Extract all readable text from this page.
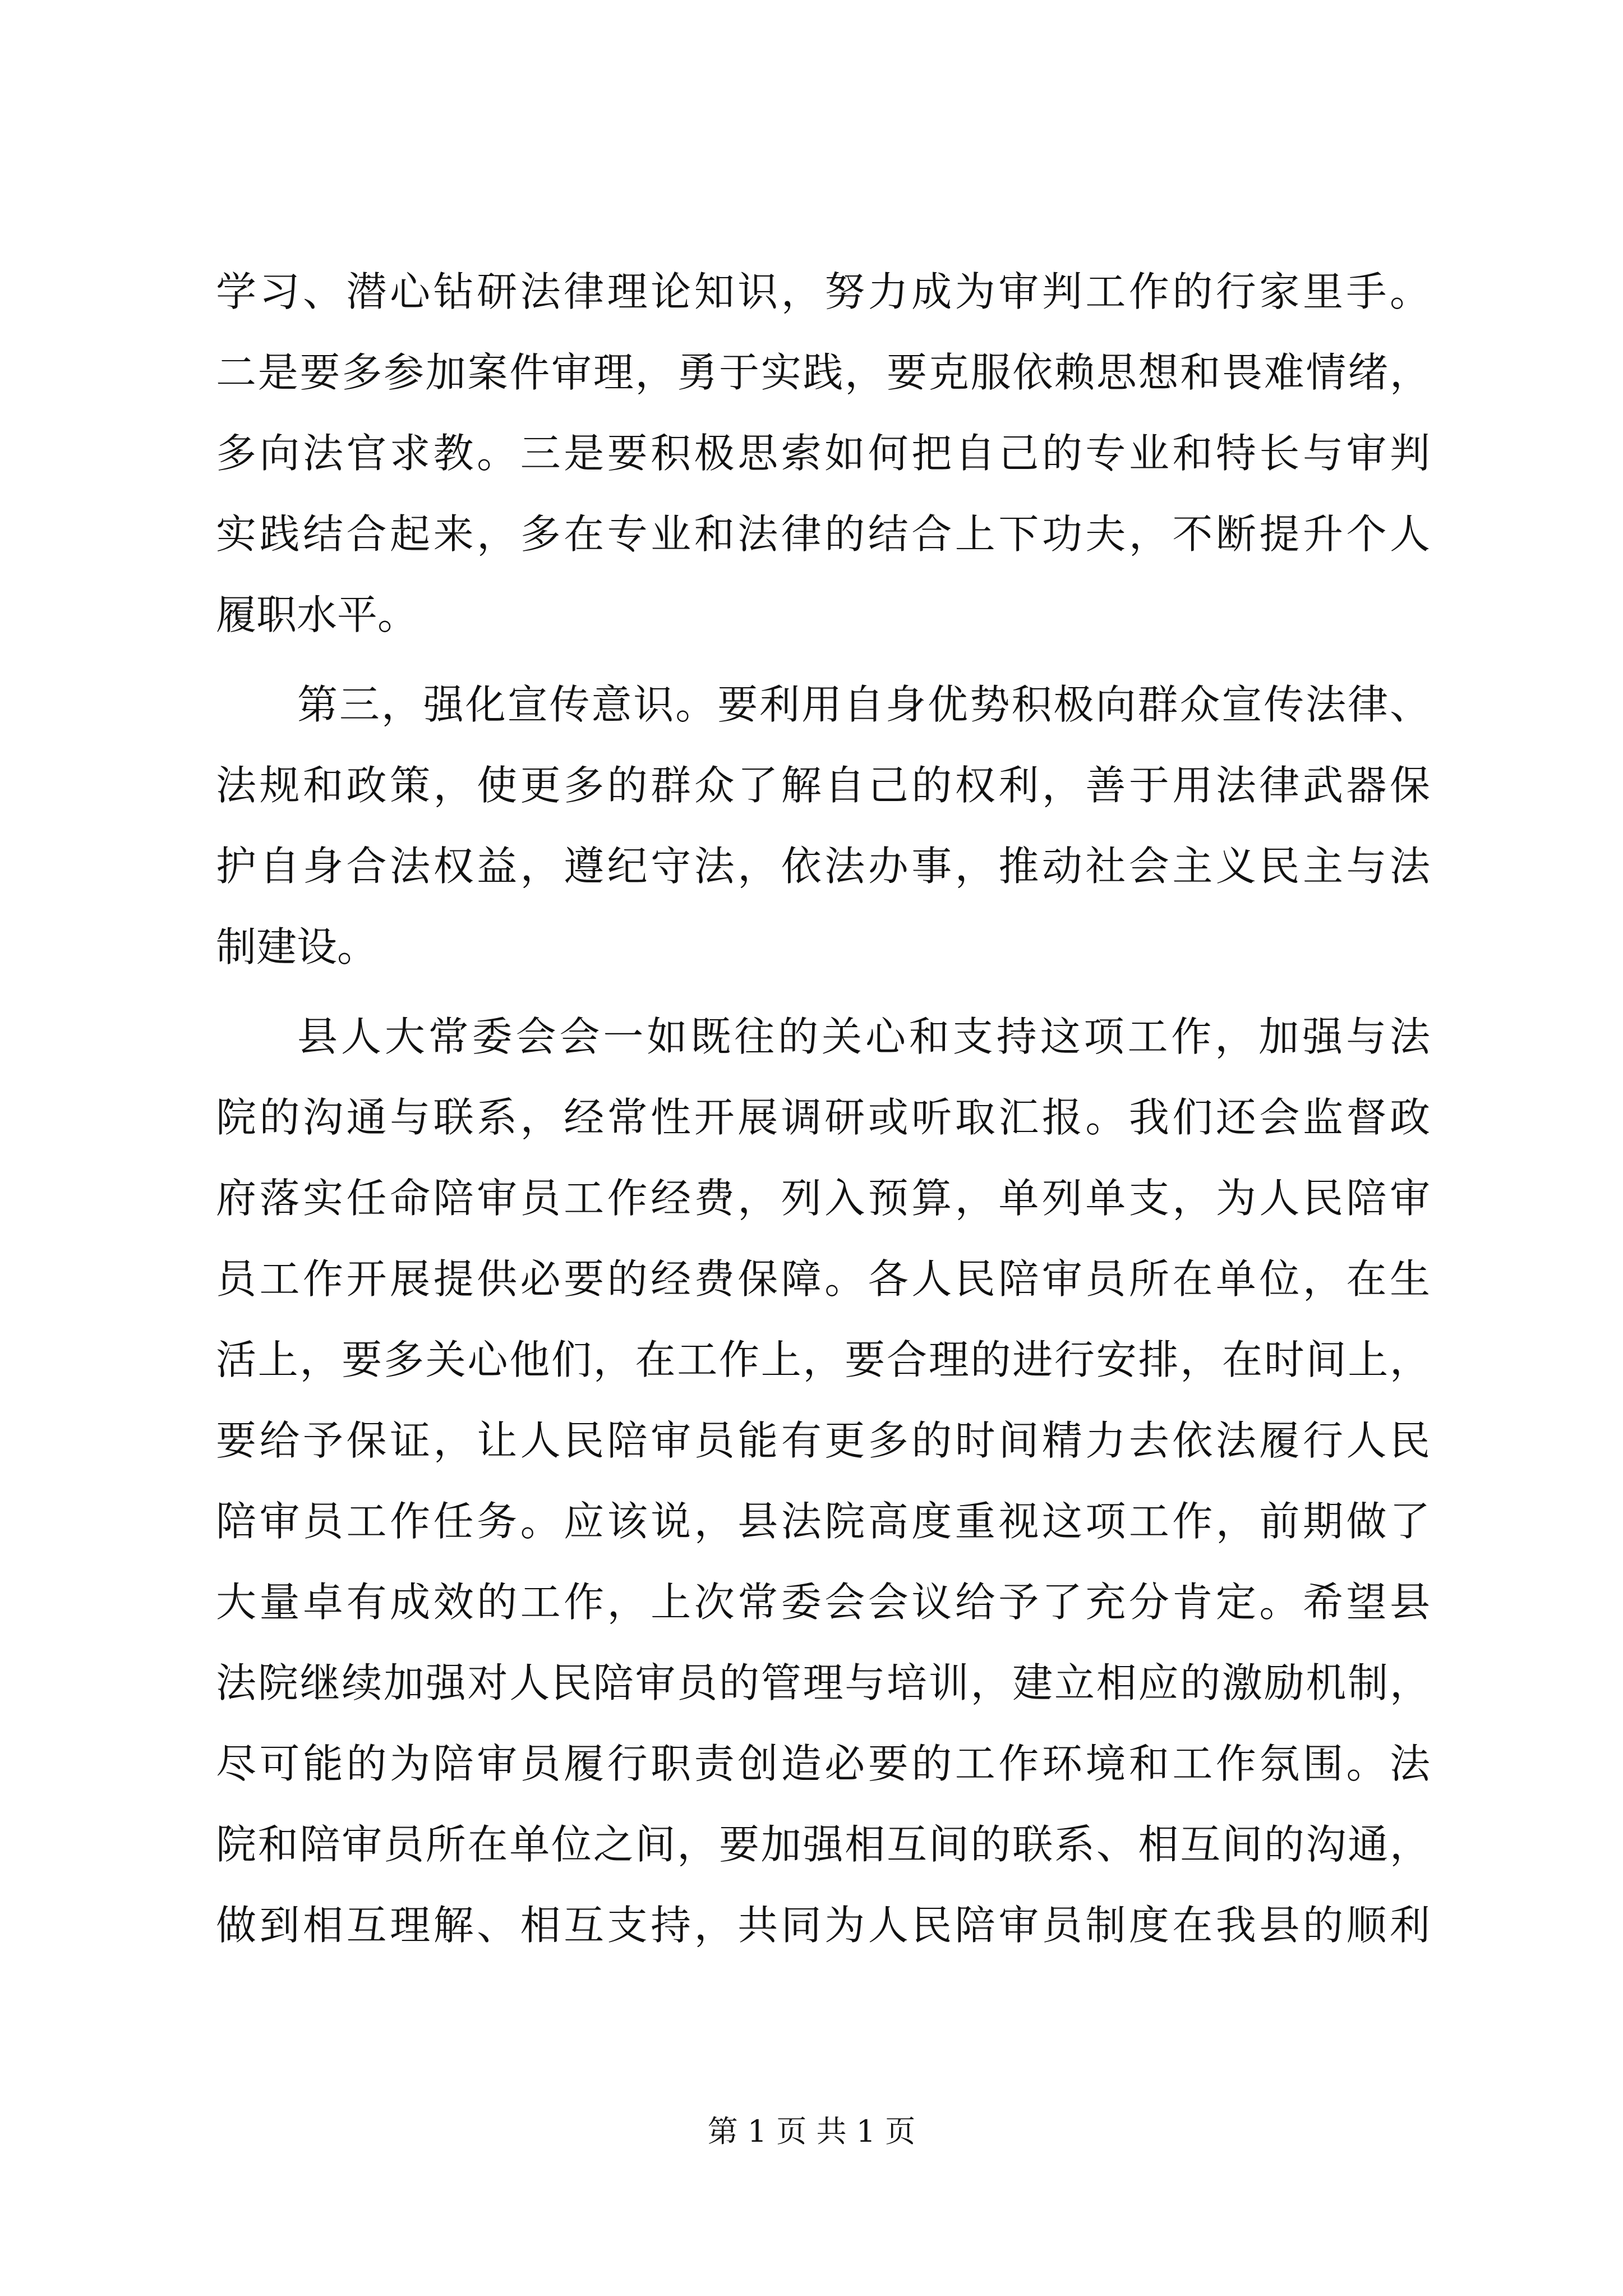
学习、潜心钻研法律理论知识，努力成为审判工作的行家里手。
二是要多参加案件审理，勇于实践，要克服依赖思想和畏难情绪，
多向法官求教。三是要积极思索如何把自己的专业和特长与审判
实践结合起来，多在专业和法律的结合上下功夫，不断提升个人
履职水平。
第三，强化宣传意识。要利用自身优势积极向群众宣传法律、
法规和政策，使更多的群众了解自己的权利，善于用法律武器保
护自身合法权益，遵纪守法，依法办事，推动社会主义民主与法
制建设。
县人大常委会会一如既往的关心和支持这项工作，加强与法
院的沟通与联系，经常性开展调研或听取汇报。我们还会监督政
府落实任命陪审员工作经费，列入预算，单列单支，为人民陪审
员工作开展提供必要的经费保障。各人民陪审员所在单位，在生
活上，要多关心他们，在工作上，要合理的进行安排，在时间上，
要给予保证，让人民陪审员能有更多的时间精力去依法履行人民
陪审员工作任务。应该说，县法院高度重视这项工作，前期做了
大量卓有成效的工作，上次常委会会议给予了充分肯定。希望县
法院继续加强对人民陪审员的管理与培训，建立相应的激励机制，
尽可能的为陪审员履行职责创造必要的工作环境和工作氛围。法
院和陪审员所在单位之间，要加强相互间的联系、相互间的沟通，
做到相互理解、相互支持，共同为人民陪审员制度在我县的顺利
第 1 页 共 1 页
